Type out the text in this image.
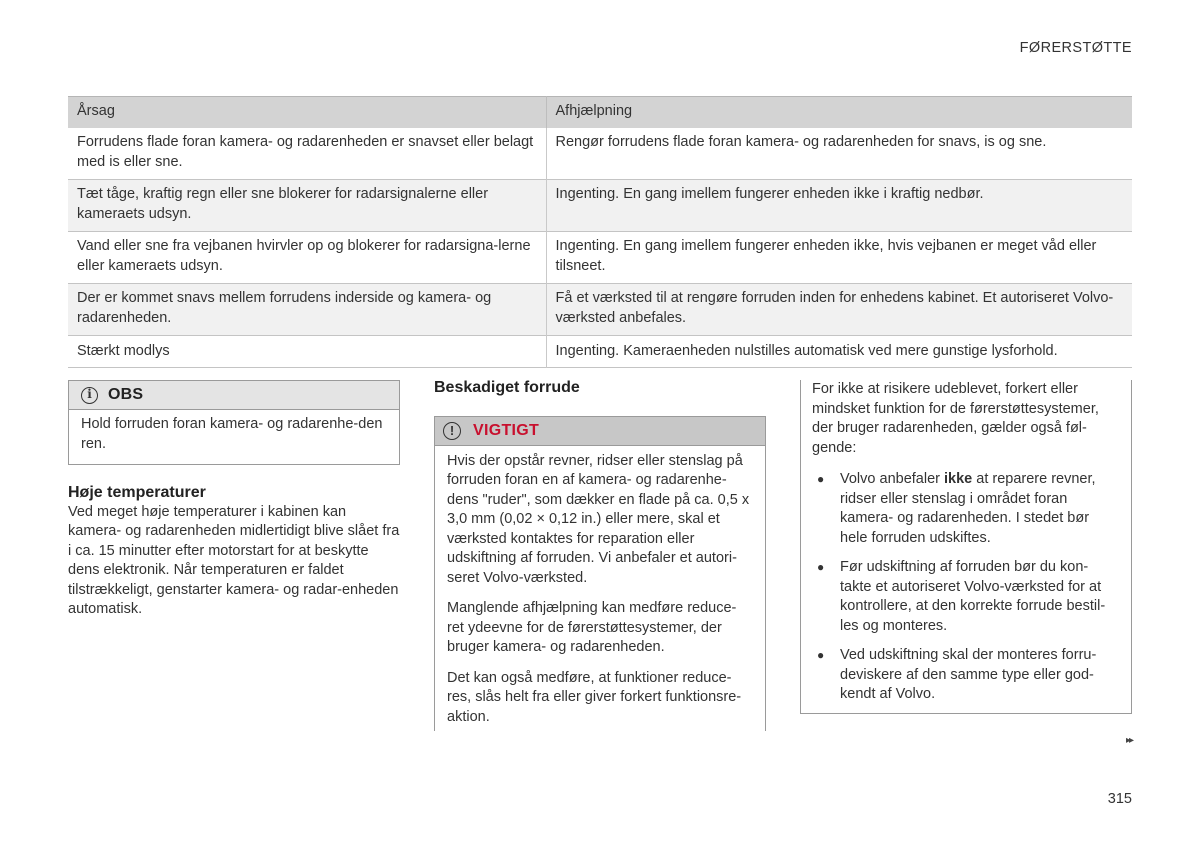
FØRERSTØTTE
Årsag	Afhjælpning
Forrudens flade foran kamera- og radarenheden er snavset eller belagt med is eller sne.	Rengør forrudens flade foran kamera- og radarenheden for snavs, is og sne.
Tæt tåge, kraftig regn eller sne blokerer for radarsignalerne eller kameraets udsyn.	Ingenting. En gang imellem fungerer enheden ikke i kraftig nedbør.
Vand eller sne fra vejbanen hvirvler op og blokerer for radarsigna-lerne eller kameraets udsyn.	Ingenting. En gang imellem fungerer enheden ikke, hvis vejbanen er meget våd eller tilsneet.
Der er kommet snavs mellem forrudens inderside og kamera- og radarenheden.	Få et værksted til at rengøre forruden inden for enhedens kabinet. Et autoriseret Volvo-værksted anbefales.
Stærkt modlys	Ingenting. Kameraenheden nulstilles automatisk ved mere gunstige lysforhold.
i	OBS
Hold forruden foran kamera- og radarenhe-den ren.
Høje temperaturer

Ved meget høje temperaturer i kabinen kan kamera- og radarenheden midlertidigt blive slået fra i ca. 15 minutter efter motorstart for at beskytte dens elektronik. Når temperaturen er faldet tilstrækkeligt, genstarter kamera- og radar-enheden automatisk.

Beskadiget forrude
!	VIGTIGT

Hvis der opstår revner, ridser eller stenslag på forruden foran en af kamera- og radarenhe-dens "ruder", som dækker en flade på ca. 0,5 x 3,0 mm (0,02 × 0,12 in.) eller mere, skal et værksted kontaktes for reparation eller udskiftning af forruden. Vi anbefaler et autori-seret Volvo-værksted.

Manglende afhjælpning kan medføre reduce-ret ydeevne for de førerstøttesystemer, der bruger kamera- og radarenheden.

Det kan også medføre, at funktioner reduce-res, slås helt fra eller giver forkert funktionsre-aktion.

For ikke at risikere udeblevet, forkert eller mindsket funktion for de førerstøttesystemer, der bruger radarenheden, gælder også føl-gende:

● Volvo anbefaler ikke at reparere revner, ridser eller stenslag i området foran kamera- og radarenheden. I stedet bør hele forruden udskiftes.
● Før udskiftning af forruden bør du kon-takte et autoriseret Volvo-værksted for at kontrollere, at den korrekte forrude bestil-les og monteres.
● Ved udskiftning skal der monteres forru-deviskere af den samme type eller god-kendt af Volvo.
▸▸
315
